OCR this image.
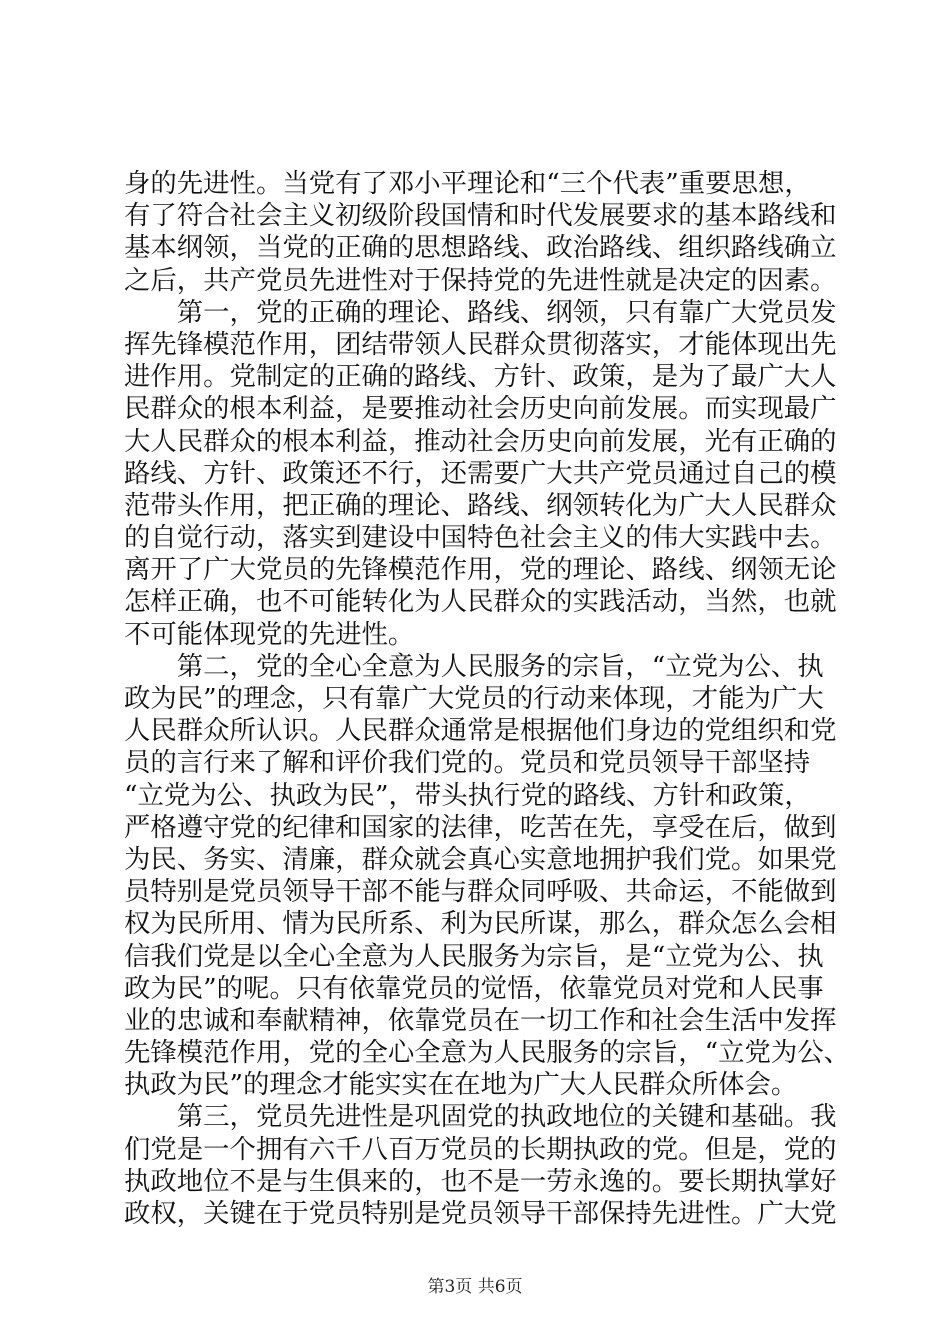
身的先进性。当党有了邓小平理论和“三个代表”重要思想，
有了符合社会主义初级阶段国情和时代发展要求的基本路线和
基本纲领，当党的正确的思想路线、政治路线、组织路线确立
之后，共产党员先进性对于保持党的先进性就是决定的因素。
　　第一，党的正确的理论、路线、纲领，只有靠广大党员发
挥先锋模范作用，团结带领人民群众贯彻落实，才能体现出先
进作用。党制定的正确的路线、方针、政策，是为了最广大人
民群众的根本利益，是要推动社会历史向前发展。而实现最广
大人民群众的根本利益，推动社会历史向前发展，光有正确的
路线、方针、政策还不行，还需要广大共产党员通过自己的模
范带头作用，把正确的理论、路线、纲领转化为广大人民群众
的自觉行动，落实到建设中国特色社会主义的伟大实践中去。
离开了广大党员的先锋模范作用，党的理论、路线、纲领无论
怎样正确，也不可能转化为人民群众的实践活动，当然，也就
不可能体现党的先进性。
　　第二，党的全心全意为人民服务的宗旨，“立党为公、执
政为民”的理念，只有靠广大党员的行动来体现，才能为广大
人民群众所认识。人民群众通常是根据他们身边的党组织和党
员的言行来了解和评价我们党的。党员和党员领导干部坚持
“立党为公、执政为民”，带头执行党的路线、方针和政策，
严格遵守党的纪律和国家的法律，吃苦在先，享受在后，做到
为民、务实、清廉，群众就会真心实意地拥护我们党。如果党
员特别是党员领导干部不能与群众同呼吸、共命运，不能做到
权为民所用、情为民所系、利为民所谋，那么，群众怎么会相
信我们党是以全心全意为人民服务为宗旨，是“立党为公、执
政为民”的呢。只有依靠党员的觉悟，依靠党员对党和人民事
业的忠诚和奉献精神，依靠党员在一切工作和社会生活中发挥
先锋模范作用，党的全心全意为人民服务的宗旨，“立党为公、
执政为民”的理念才能实实在在地为广大人民群众所体会。
　　第三，党员先进性是巩固党的执政地位的关键和基础。我
们党是一个拥有六千八百万党员的长期执政的党。但是，党的
执政地位不是与生俱来的，也不是一劳永逸的。要长期执掌好
政权，关键在于党员特别是党员领导干部保持先进性。广大党
第3页 共6页
